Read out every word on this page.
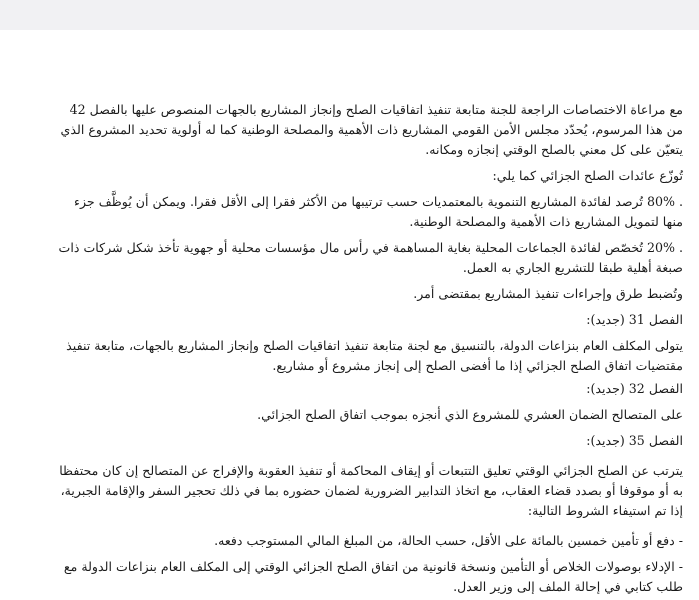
مع مراعاة الاختصاصات الراجعة للجنة متابعة تنفيذ اتفاقيات الصلح وإنجاز المشاريع بالجهات المنصوص عليها بالفصل 42 من هذا المرسوم، يُحدّد مجلس الأمن القومي المشاريع ذات الأهمية والمصلحة الوطنية كما له أولوية تحديد المشروع الذي يتعيّن على كل معني بالصلح الوقتي إنجازه ومكانه.

تُوزّع عائدات الصلح الجزائي كما يلي:

. 80% تُرصد لفائدة المشاريع التنموية بالمعتمديات حسب ترتيبها من الأكثر فقرا إلى الأقل فقرا. ويمكن أن يُوظَّف جزء منها لتمويل المشاريع ذات الأهمية والمصلحة الوطنية.

. 20% تُخصّص لفائدة الجماعات المحلية بغاية المساهمة في رأس مال مؤسسات محلية أو جهوية تأخذ شكل شركات ذات صبغة أهلية طبقا للتشريع الجاري به العمل.

وتُضبط طرق وإجراءات تنفيذ المشاريع بمقتضى أمر.

الفصل 31 (جديد):

يتولى المكلف العام بنزاعات الدولة، بالتنسيق مع لجنة متابعة تنفيذ اتفاقيات الصلح وإنجاز المشاريع بالجهات، متابعة تنفيذ مقتضيات اتفاق الصلح الجزائي إذا ما أفضى الصلح إلى إنجاز مشروع أو مشاريع.

الفصل 32 (جديد):

على المتصالح الضمان العشري للمشروع الذي أنجزه بموجب اتفاق الصلح الجزائي.

الفصل 35 (جديد):

يترتب عن الصلح الجزائي الوقتي تعليق التتبعات أو إيقاف المحاكمة أو تنفيذ العقوبة والإفراج عن المتصالح إن كان محتفظا به أو موقوفا أو بصدد قضاء العقاب، مع اتخاذ التدابير الضرورية لضمان حضوره بما في ذلك تحجير السفر والإقامة الجبرية، إذا تم استيفاء الشروط التالية:

- دفع أو تأمين خمسين بالمائة على الأقل، حسب الحالة، من المبلغ المالي المستوجب دفعه.

- الإدلاء بوصولات الخلاص أو التأمين ونسخة قانونية من اتفاق الصلح الجزائي الوقتي إلى المكلف العام بنزاعات الدولة مع طلب كتابي في إحالة الملف إلى وزير العدل.
